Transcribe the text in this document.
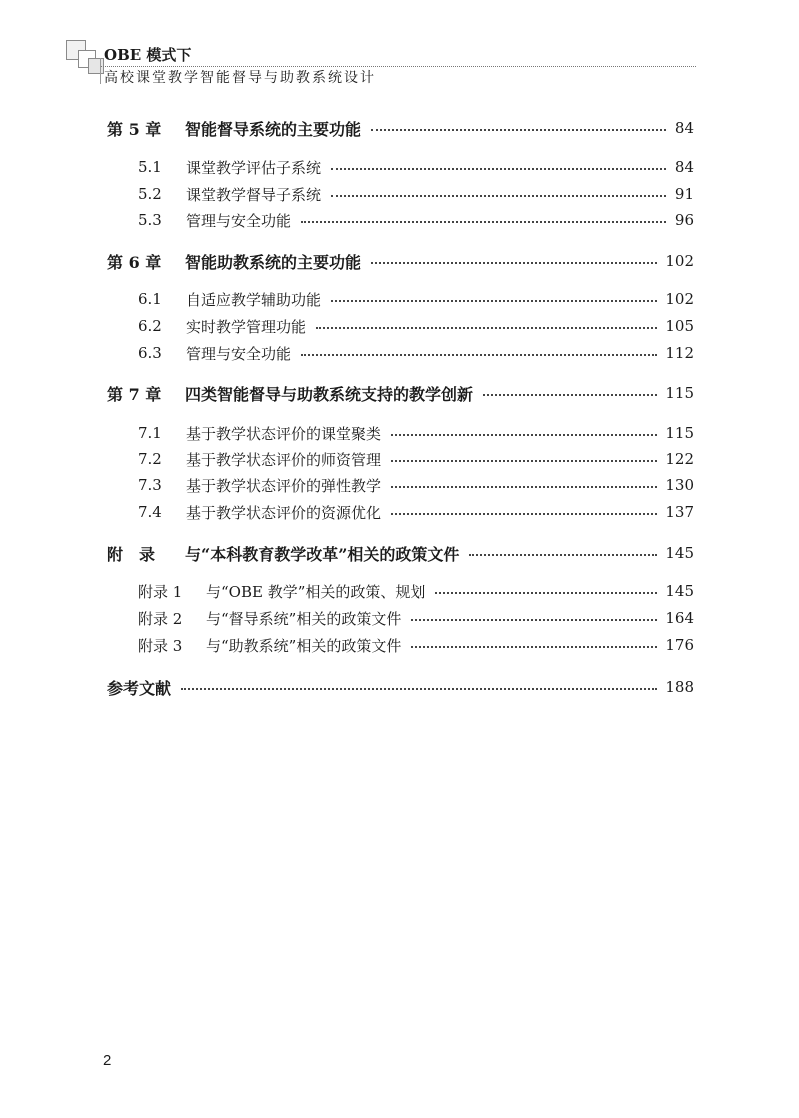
OBE 模式下
高校课堂教学智能督导与助教系统设计
第 5 章	智能督导系统的主要功能	84
5.1	课堂教学评估子系统	84
5.2	课堂教学督导子系统	91
5.3	管理与安全功能	96
第 6 章	智能助教系统的主要功能	102
6.1	自适应教学辅助功能	102
6.2	实时教学管理功能	105
6.3	管理与安全功能	112
第 7 章	四类智能督导与助教系统支持的教学创新	115
7.1	基于教学状态评价的课堂聚类	115
7.2	基于教学状态评价的师资管理	122
7.3	基于教学状态评价的弹性教学	130
7.4	基于教学状态评价的资源优化	137
附　录	与“本科教育教学改革”相关的政策文件	145
附录 1	与“OBE 教学”相关的政策、规划	145
附录 2	与“督导系统”相关的政策文件	164
附录 3	与“助教系统”相关的政策文件	176
参考文献	188
2
